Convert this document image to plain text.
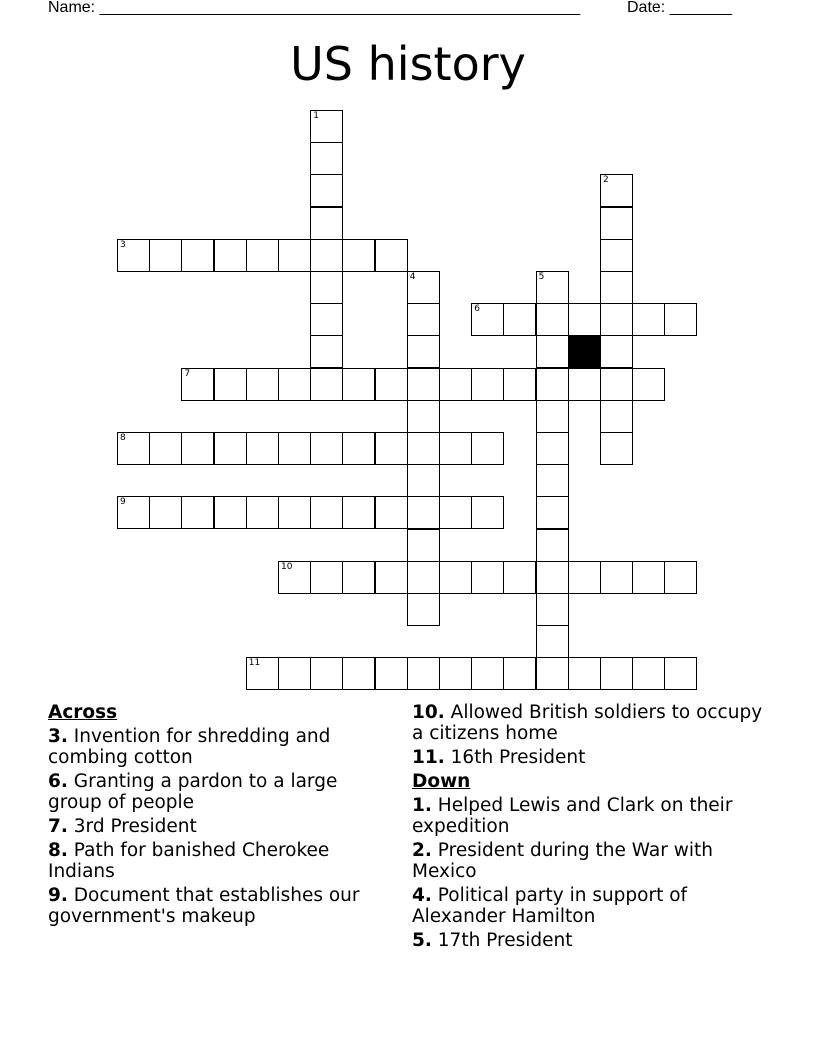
Name: ______________________________________________________	Date: _______
US history
1
2
3
4	5
6
7
8
9
10
11
Across
3. Invention for shredding and combing cotton
6. Granting a pardon to a large group of people
7. 3rd President
8. Path for banished Cherokee Indians
9. Document that establishes our government's makeup
10. Allowed British soldiers to occupy a citizens home
11. 16th President
Down
1. Helped Lewis and Clark on their expedition
2. President during the War with Mexico
4. Political party in support of Alexander Hamilton
5. 17th President
